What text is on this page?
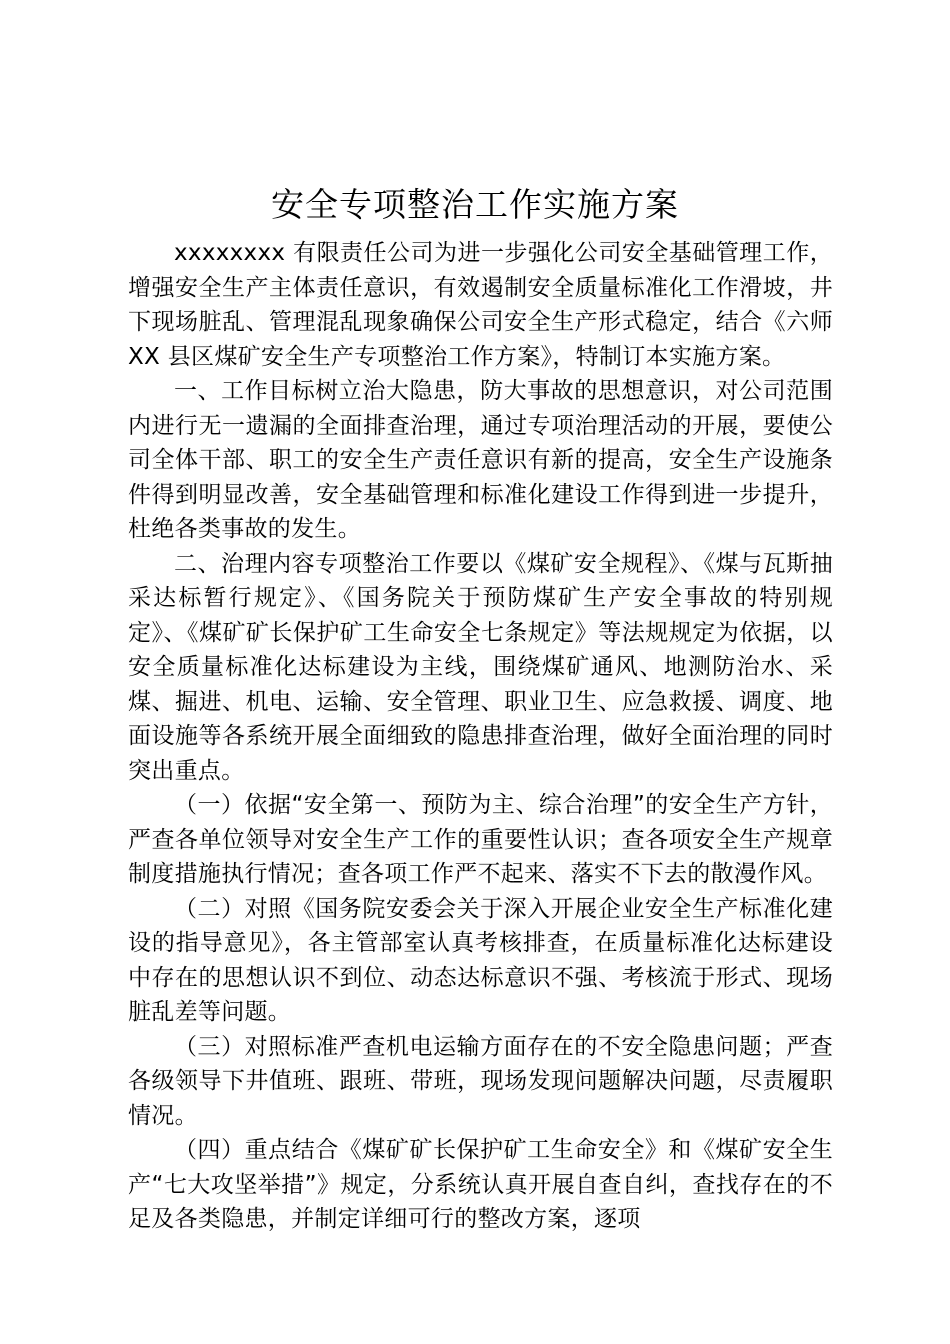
安全专项整治工作实施方案

xxxxxxxx 有限责任公司为进一步强化公司安全基础管理工作，增强安全生产主体责任意识，有效遏制安全质量标准化工作滑坡，井下现场脏乱、管理混乱现象确保公司安全生产形式稳定，结合《六师 XX 县区煤矿安全生产专项整治工作方案》，特制订本实施方案。

一、工作目标树立治大隐患，防大事故的思想意识，对公司范围内进行无一遗漏的全面排查治理，通过专项治理活动的开展，要使公司全体干部、职工的安全生产责任意识有新的提高，安全生产设施条件得到明显改善，安全基础管理和标准化建设工作得到进一步提升，杜绝各类事故的发生。

二、治理内容专项整治工作要以《煤矿安全规程》、《煤与瓦斯抽采达标暂行规定》、《国务院关于预防煤矿生产安全事故的特别规定》、《煤矿矿长保护矿工生命安全七条规定》等法规规定为依据，以安全质量标准化达标建设为主线，围绕煤矿通风、地测防治水、采煤、掘进、机电、运输、安全管理、职业卫生、应急救援、调度、地面设施等各系统开展全面细致的隐患排查治理，做好全面治理的同时突出重点。

（一）依据“安全第一、预防为主、综合治理”的安全生产方针，严查各单位领导对安全生产工作的重要性认识；查各项安全生产规章制度措施执行情况；查各项工作严不起来、落实不下去的散漫作风。

（二）对照《国务院安委会关于深入开展企业安全生产标准化建设的指导意见》，各主管部室认真考核排查，在质量标准化达标建设中存在的思想认识不到位、动态达标意识不强、考核流于形式、现场脏乱差等问题。

（三）对照标准严查机电运输方面存在的不安全隐患问题；严查各级领导下井值班、跟班、带班，现场发现问题解决问题，尽责履职情况。

（四）重点结合《煤矿矿长保护矿工生命安全》和《煤矿安全生产“七大攻坚举措”》规定，分系统认真开展自查自纠，查找存在的不足及各类隐患，并制定详细可行的整改方案，逐项
